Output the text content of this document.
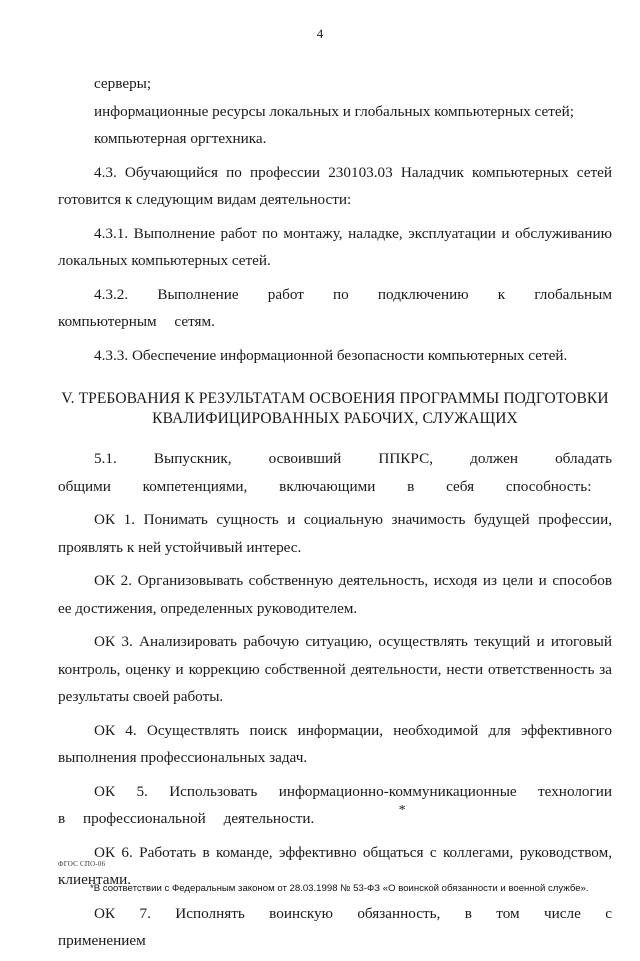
4

серверы;

информационные ресурсы локальных и глобальных компьютерных сетей;

компьютерная оргтехника.

4.3. Обучающийся по профессии 230103.03 Наладчик компьютерных сетей готовится к следующим видам деятельности:

4.3.1. Выполнение работ по монтажу, наладке, эксплуатации и обслуживанию локальных компьютерных сетей.

4.3.2. Выполнение работ по подключению к глобальным компьютерным сетям.

4.3.3. Обеспечение информационной безопасности компьютерных сетей.

V. ТРЕБОВАНИЯ К РЕЗУЛЬТАТАМ ОСВОЕНИЯ ПРОГРАММЫ ПОДГОТОВКИ
КВАЛИФИЦИРОВАННЫХ РАБОЧИХ, СЛУЖАЩИХ

5.1. Выпускник, освоивший ППКРС, должен обладать общими компетенциями, включающими в себя способность:

ОК 1. Понимать сущность и социальную значимость будущей профессии, проявлять к ней устойчивый интерес.

ОК 2. Организовывать собственную деятельность, исходя из цели и способов ее достижения, определенных руководителем.

ОК 3. Анализировать рабочую ситуацию, осуществлять текущий и итоговый контроль, оценку и коррекцию собственной деятельности, нести ответственность за результаты своей работы.

ОК 4. Осуществлять поиск информации, необходимой для эффективного выполнения профессиональных задач.

ОК 5. Использовать информационно-коммуникационные технологии в профессиональной деятельности.

ОК 6. Работать в команде, эффективно общаться с коллегами, руководством, клиентами.

ОК 7. Исполнять воинскую обязанность, в том числе с применением

*
ФГОС СПО-06
*В соответствии с Федеральным законом от 28.03.1998 № 53-ФЗ «О воинской обязанности и военной службе».
